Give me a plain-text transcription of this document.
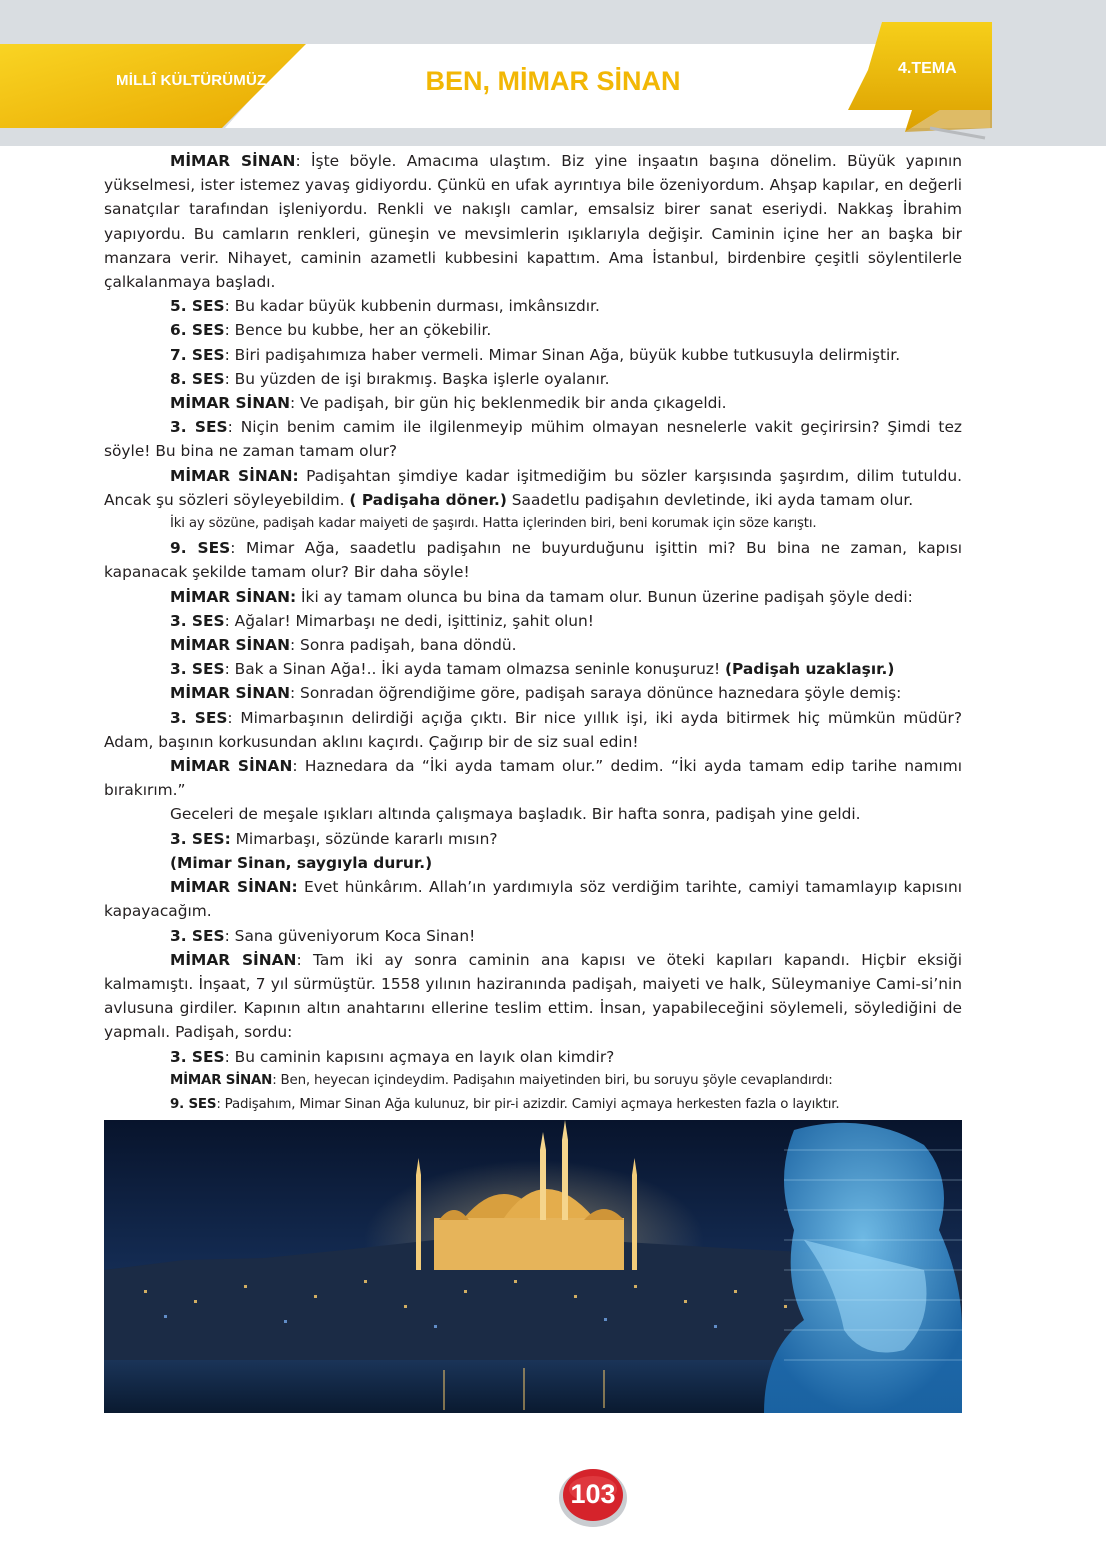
MİLLÎ KÜLTÜRÜMÜZ	BEN, MİMAR SİNAN	4.TEMA

MİMAR SİNAN: İşte böyle. Amacıma ulaştım. Biz yine inşaatın başına dönelim. Büyük yapının yükselmesi, ister istemez yavaş gidiyordu. Çünkü en ufak ayrıntıya bile özeniyordum. Ahşap kapılar, en değerli sanatçılar tarafından işleniyordu. Renkli ve nakışlı camlar, emsalsiz birer sanat eseriydi. Nakkaş İbrahim yapıyordu. Bu camların renkleri, güneşin ve mevsimlerin ışıklarıyla değişir. Caminin içine her an başka bir manzara verir. Nihayet, caminin azametli kubbesini kapattım. Ama İstanbul, birdenbire çeşitli söylentilerle çalkalanmaya başladı.

5. SES: Bu kadar büyük kubbenin durması, imkânsızdır.

6. SES: Bence bu kubbe, her an çökebilir.

7. SES: Biri padişahımıza haber vermeli. Mimar Sinan Ağa, büyük kubbe tutkusuyla delirmiştir.

8. SES: Bu yüzden de işi bırakmış. Başka işlerle oyalanır.

MİMAR SİNAN: Ve padişah, bir gün hiç beklenmedik bir anda çıkageldi.

3. SES: Niçin benim camim ile ilgilenmeyip mühim olmayan nesnelerle vakit geçirirsin? Şimdi tez söyle! Bu bina ne zaman tamam olur?

MİMAR SİNAN: Padişahtan şimdiye kadar işitmediğim bu sözler karşısında şaşırdım, dilim tutuldu. Ancak şu sözleri söyleyebildim. ( Padişaha döner.) Saadetlu padişahın devletinde, iki ayda tamam olur.

İki ay sözüne, padişah kadar maiyeti de şaşırdı. Hatta içlerinden biri, beni korumak için söze karıştı.

9. SES: Mimar Ağa, saadetlu padişahın ne buyurduğunu işittin mi? Bu bina ne zaman, kapısı kapanacak şekilde tamam olur? Bir daha söyle!

MİMAR SİNAN: İki ay tamam olunca bu bina da tamam olur. Bunun üzerine padişah şöyle dedi:

3. SES: Ağalar! Mimarbaşı ne dedi, işittiniz, şahit olun!

MİMAR SİNAN: Sonra padişah, bana döndü.

3. SES: Bak a Sinan Ağa!.. İki ayda tamam olmazsa seninle konuşuruz! (Padişah uzaklaşır.)

MİMAR SİNAN: Sonradan öğrendiğime göre, padişah saraya dönünce haznedara şöyle demiş:

3. SES: Mimarbaşının delirdiği açığa çıktı. Bir nice yıllık işi, iki ayda bitirmek hiç mümkün müdür? Adam, başının korkusundan aklını kaçırdı. Çağırıp bir de siz sual edin!

MİMAR SİNAN: Haznedara da “İki ayda tamam olur.” dedim. “İki ayda tamam edip tarihe namımı bırakırım.”

Geceleri de meşale ışıkları altında çalışmaya başladık. Bir hafta sonra, padişah yine geldi.

3. SES: Mimarbaşı, sözünde kararlı mısın?

(Mimar Sinan, saygıyla durur.)

MİMAR SİNAN: Evet hünkârım. Allah’ın yardımıyla söz verdiğim tarihte, camiyi tamamlayıp kapısını kapayacağım.

3. SES: Sana güveniyorum Koca Sinan!

MİMAR SİNAN: Tam iki ay sonra caminin ana kapısı ve öteki kapıları kapandı. Hiçbir eksiği kalmamıştı. İnşaat, 7 yıl sürmüştür. 1558 yılının haziranında padişah, maiyeti ve halk, Süleymaniye Cami-si’nin avlusuna girdiler. Kapının altın anahtarını ellerine teslim ettim. İnsan, yapabileceğini söylemeli, söylediğini de yapmalı. Padişah, sordu:

3. SES: Bu caminin kapısını açmaya en layık olan kimdir?

MİMAR SİNAN: Ben, heyecan içindeydim. Padişahın maiyetinden biri, bu soruyu şöyle cevaplandırdı:

9. SES: Padişahım, Mimar Sinan Ağa kulunuz, bir pir-i azizdir. Camiyi açmaya herkesten fazla o layıktır.

103
